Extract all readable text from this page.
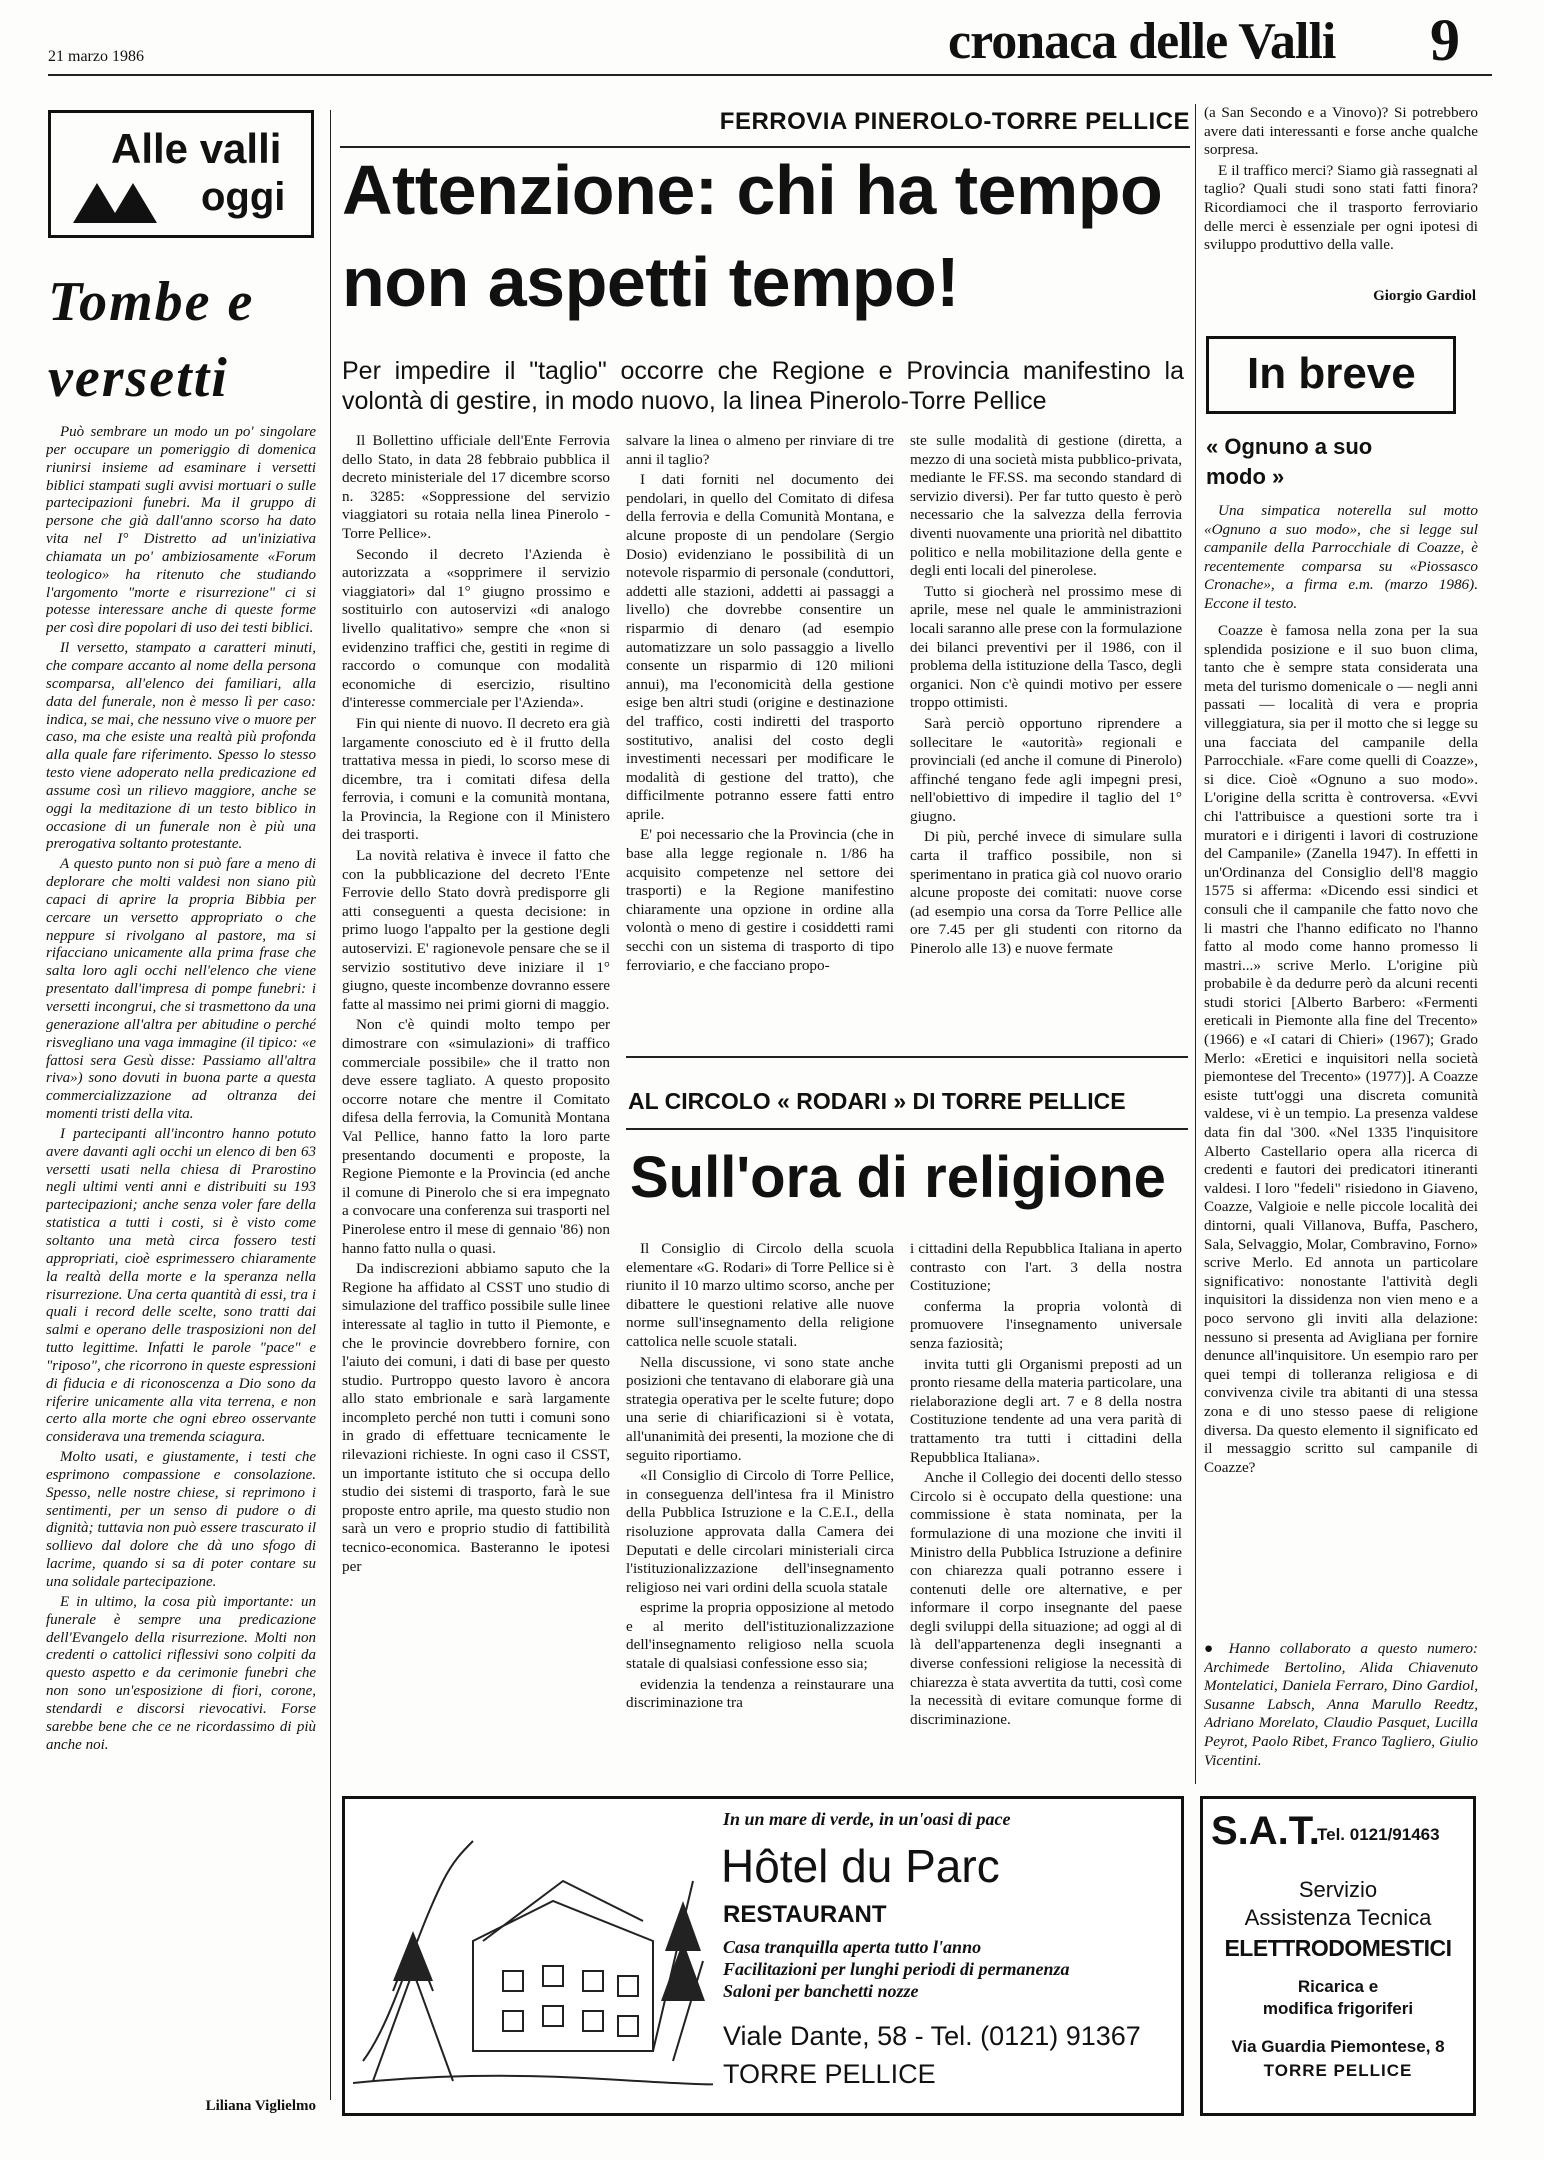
21 marzo 1986	cronaca delle Valli 9
Alle valli
oggi
Tombe e
versetti

Può sembrare un modo un po' singolare per occupare un pomeriggio di domenica riunirsi insieme ad esaminare i versetti biblici stampati sugli avvisi mortuari o sulle partecipazioni funebri. Ma il gruppo di persone che già dall'anno scorso ha dato vita nel I° Distretto ad un'iniziativa chiamata un po' ambiziosamente «Forum teologico» ha ritenuto che studiando l'argomento "morte e risurrezione" ci si potesse interessare anche di queste forme per così dire popolari di uso dei testi biblici.

Il versetto, stampato a caratteri minuti, che compare accanto al nome della persona scomparsa, all'elenco dei familiari, alla data del funerale, non è messo lì per caso: indica, se mai, che nessuno vive o muore per caso, ma che esiste una realtà più profonda alla quale fare riferimento. Spesso lo stesso testo viene adoperato nella predicazione ed assume così un rilievo maggiore, anche se oggi la meditazione di un testo biblico in occasione di un funerale non è più una prerogativa soltanto protestante.

A questo punto non si può fare a meno di deplorare che molti valdesi non siano più capaci di aprire la propria Bibbia per cercare un versetto appropriato o che neppure si rivolgano al pastore, ma si rifacciano unicamente alla prima frase che salta loro agli occhi nell'elenco che viene presentato dall'impresa di pompe funebri: i versetti incongrui, che si trasmettono da una generazione all'altra per abitudine o perché risvegliano una vaga immagine (il tipico: «e fattosi sera Gesù disse: Passiamo all'altra riva») sono dovuti in buona parte a questa commercializzazione ad oltranza dei momenti tristi della vita.

I partecipanti all'incontro hanno potuto avere davanti agli occhi un elenco di ben 63 versetti usati nella chiesa di Prarostino negli ultimi venti anni e distribuiti su 193 partecipazioni; anche senza voler fare della statistica a tutti i costi, si è visto come soltanto una metà circa fossero testi appropriati, cioè esprimessero chiaramente la realtà della morte e la speranza nella risurrezione. Una certa quantità di essi, tra i quali i record delle scelte, sono tratti dai salmi e operano delle trasposizioni non del tutto legittime. Infatti le parole "pace" e "riposo", che ricorrono in queste espressioni di fiducia e di riconoscenza a Dio sono da riferire unicamente alla vita terrena, e non certo alla morte che ogni ebreo osservante considerava una tremenda sciagura.

Molto usati, e giustamente, i testi che esprimono compassione e consolazione. Spesso, nelle nostre chiese, si reprimono i sentimenti, per un senso di pudore o di dignità; tuttavia non può essere trascurato il sollievo dal dolore che dà uno sfogo di lacrime, quando si sa di poter contare su una solidale partecipazione.

E in ultimo, la cosa più importante: un funerale è sempre una predicazione dell'Evangelo della risurrezione. Molti non credenti o cattolici riflessivi sono colpiti da questo aspetto e da cerimonie funebri che non sono un'esposizione di fiori, corone, stendardi e discorsi rievocativi. Forse sarebbe bene che ce ne ricordassimo di più anche noi.

Liliana Viglielmo
FERROVIA PINEROLO-TORRE PELLICE
Attenzione: chi ha tempo
non aspetti tempo!
Per impedire il "taglio" occorre che Regione e Provincia manifestino la volontà di gestire, in modo nuovo, la linea Pinerolo-Torre Pellice

Il Bollettino ufficiale dell'Ente Ferrovia dello Stato, in data 28 febbraio pubblica il decreto ministeriale del 17 dicembre scorso n. 3285: «Soppressione del servizio viaggiatori su rotaia nella linea Pinerolo - Torre Pellice».

Secondo il decreto l'Azienda è autorizzata a «sopprimere il servizio viaggiatori» dal 1° giugno prossimo e sostituirlo con autoservizi «di analogo livello qualitativo» sempre che «non si evidenzino traffici che, gestiti in regime di raccordo o comunque con modalità economiche di esercizio, risultino d'interesse commerciale per l'Azienda».

Fin qui niente di nuovo. Il decreto era già largamente conosciuto ed è il frutto della trattativa messa in piedi, lo scorso mese di dicembre, tra i comitati difesa della ferrovia, i comuni e la comunità montana, la Provincia, la Regione con il Ministero dei trasporti.

La novità relativa è invece il fatto che con la pubblicazione del decreto l'Ente Ferrovie dello Stato dovrà predisporre gli atti conseguenti a questa decisione: in primo luogo l'appalto per la gestione degli autoservizi. E' ragionevole pensare che se il servizio sostitutivo deve iniziare il 1° giugno, queste incombenze dovranno essere fatte al massimo nei primi giorni di maggio.

Non c'è quindi molto tempo per dimostrare con «simulazioni» di traffico commerciale possibile» che il tratto non deve essere tagliato. A questo proposito occorre notare che mentre il Comitato difesa della ferrovia, la Comunità Montana Val Pellice, hanno fatto la loro parte presentando documenti e proposte, la Regione Piemonte e la Provincia (ed anche il comune di Pinerolo che si era impegnato a convocare una conferenza sui trasporti nel Pinerolese entro il mese di gennaio '86) non hanno fatto nulla o quasi.

Da indiscrezioni abbiamo saputo che la Regione ha affidato al CSST uno studio di simulazione del traffico possibile sulle linee interessate al taglio in tutto il Piemonte, e che le provincie dovrebbero fornire, con l'aiuto dei comuni, i dati di base per questo studio. Purtroppo questo lavoro è ancora allo stato embrionale e sarà largamente incompleto perché non tutti i comuni sono in grado di effettuare tecnicamente le rilevazioni richieste. In ogni caso il CSST, un importante istituto che si occupa dello studio dei sistemi di trasporto, farà le sue proposte entro aprile, ma questo studio non sarà un vero e proprio studio di fattibilità tecnico-economica. Basteranno le ipotesi per

salvare la linea o almeno per rinviare di tre anni il taglio?

I dati forniti nel documento dei pendolari, in quello del Comitato di difesa della ferrovia e della Comunità Montana, e alcune proposte di un pendolare (Sergio Dosio) evidenziano le possibilità di un notevole risparmio di personale (conduttori, addetti alle stazioni, addetti ai passaggi a livello) che dovrebbe consentire un risparmio di denaro (ad esempio automatizzare un solo passaggio a livello consente un risparmio di 120 milioni annui), ma l'economicità della gestione esige ben altri studi (origine e destinazione del traffico, costi indiretti del trasporto sostitutivo, analisi del costo degli investimenti necessari per modificare le modalità di gestione del tratto), che difficilmente potranno essere fatti entro aprile.

E' poi necessario che la Provincia (che in base alla legge regionale n. 1/86 ha acquisito competenze nel settore dei trasporti) e la Regione manifestino chiaramente una opzione in ordine alla volontà o meno di gestire i cosiddetti rami secchi con un sistema di trasporto di tipo ferroviario, e che facciano propo-

ste sulle modalità di gestione (diretta, a mezzo di una società mista pubblico-privata, mediante le FF.SS. ma secondo standard di servizio diversi). Per far tutto questo è però necessario che la salvezza della ferrovia diventi nuovamente una priorità nel dibattito politico e nella mobilitazione della gente e degli enti locali del pinerolese.

Tutto si giocherà nel prossimo mese di aprile, mese nel quale le amministrazioni locali saranno alle prese con la formulazione dei bilanci preventivi per il 1986, con il problema della istituzione della Tasco, degli organici. Non c'è quindi motivo per essere troppo ottimisti.

Sarà perciò opportuno riprendere a sollecitare le «autorità» regionali e provinciali (ed anche il comune di Pinerolo) affinché tengano fede agli impegni presi, nell'obiettivo di impedire il taglio del 1° giugno.

Di più, perché invece di simulare sulla carta il traffico possibile, non si sperimentano in pratica già col nuovo orario alcune proposte dei comitati: nuove corse (ad esempio una corsa da Torre Pellice alle ore 7.45 per gli studenti con ritorno da Pinerolo alle 13) e nuove fermate

(a San Secondo e a Vinovo)? Si potrebbero avere dati interessanti e forse anche qualche sorpresa.

E il traffico merci? Siamo già rassegnati al taglio? Quali studi sono stati fatti finora? Ricordiamoci che il trasporto ferroviario delle merci è essenziale per ogni ipotesi di sviluppo produttivo della valle.

Giorgio Gardiol
In breve
« Ognuno a suo modo »

Una simpatica noterella sul motto «Ognuno a suo modo», che si legge sul campanile della Parrocchiale di Coazze, è recentemente comparsa su «Piossasco Cronache», a firma e.m. (marzo 1986). Eccone il testo.

Coazze è famosa nella zona per la sua splendida posizione e il suo buon clima, tanto che è sempre stata considerata una meta del turismo domenicale o — negli anni passati — località di vera e propria villeggiatura, sia per il motto che si legge su una facciata del campanile della Parrocchiale. «Fare come quelli di Coazze», si dice. Cioè «Ognuno a suo modo». L'origine della scritta è controversa. «Evvi chi l'attribuisce a questioni sorte tra i muratori e i dirigenti i lavori di costruzione del Campanile» (Zanella 1947). In effetti in un'Ordinanza del Consiglio dell'8 maggio 1575 si afferma: «Dicendo essi sindici et consuli che il campanile che fatto novo che li mastri che l'hanno edificato no l'hanno fatto al modo come hanno promesso li mastri...» scrive Merlo. L'origine più probabile è da dedurre però da alcuni recenti studi storici [Alberto Barbero: «Fermenti ereticali in Piemonte alla fine del Trecento» (1966) e «I catari di Chieri» (1967); Grado Merlo: «Eretici e inquisitori nella società piemontese del Trecento» (1977)]. A Coazze esiste tutt'oggi una discreta comunità valdese, vi è un tempio. La presenza valdese data fin dal '300. «Nel 1335 l'inquisitore Alberto Castellario opera alla ricerca di credenti e fautori dei predicatori itineranti valdesi. I loro "fedeli" risiedono in Giaveno, Coazze, Valgioie e nelle piccole località dei dintorni, quali Villanova, Buffa, Paschero, Sala, Selvaggio, Molar, Combravino, Forno» scrive Merlo. Ed annota un particolare significativo: nonostante l'attività degli inquisitori la dissidenza non vien meno e a poco servono gli inviti alla delazione: nessuno si presenta ad Avigliana per fornire denunce all'inquisitore. Un esempio raro per quei tempi di tolleranza religiosa e di convivenza civile tra abitanti di una stessa zona e di uno stesso paese di religione diversa. Da questo elemento il significato ed il messaggio scritto sul campanile di Coazze?

● Hanno collaborato a questo numero: Archimede Bertolino, Alida Chiavenuto Montelatici, Daniela Ferraro, Dino Gardiol, Susanne Labsch, Anna Marullo Reedtz, Adriano Morelato, Claudio Pasquet, Lucilla Peyrot, Paolo Ribet, Franco Tagliero, Giulio Vicentini.

AL CIRCOLO « RODARI » DI TORRE PELLICE
Sull'ora di religione

Il Consiglio di Circolo della scuola elementare «G. Rodari» di Torre Pellice si è riunito il 10 marzo ultimo scorso, anche per dibattere le questioni relative alle nuove norme sull'insegnamento della religione cattolica nelle scuole statali.

Nella discussione, vi sono state anche posizioni che tentavano di elaborare già una strategia operativa per le scelte future; dopo una serie di chiarificazioni si è votata, all'unanimità dei presenti, la mozione che di seguito riportiamo.

«Il Consiglio di Circolo di Torre Pellice, in conseguenza dell'intesa fra il Ministro della Pubblica Istruzione e la C.E.I., della risoluzione approvata dalla Camera dei Deputati e delle circolari ministeriali circa l'istituzionalizzazione dell'insegnamento religioso nei vari ordini della scuola statale

esprime la propria opposizione al metodo e al merito dell'istituzionalizzazione dell'insegnamento religioso nella scuola statale di qualsiasi confessione esso sia;

evidenzia la tendenza a reinstaurare una discriminazione tra

i cittadini della Repubblica Italiana in aperto contrasto con l'art. 3 della nostra Costituzione;

conferma la propria volontà di promuovere l'insegnamento universale senza faziosità;

invita tutti gli Organismi preposti ad un pronto riesame della materia particolare, una rielaborazione degli art. 7 e 8 della nostra Costituzione tendente ad una vera parità di trattamento tra tutti i cittadini della Repubblica Italiana».

Anche il Collegio dei docenti dello stesso Circolo si è occupato della questione: una commissione è stata nominata, per la formulazione di una mozione che inviti il Ministro della Pubblica Istruzione a definire con chiarezza quali potranno essere i contenuti delle ore alternative, e per informare il corpo insegnante del paese degli sviluppi della situazione; ad oggi al di là dell'appartenenza degli insegnanti a diverse confessioni religiose la necessità di chiarezza è stata avvertita da tutti, così come la necessità di evitare comunque forme di discriminazione.

In un mare di verde, in un'oasi di pace
Hôtel du Parc
RESTAURANT
Casa tranquilla aperta tutto l'anno
Facilitazioni per lunghi periodi di permanenza
Saloni per banchetti nozze
Viale Dante, 58 - Tel. (0121) 91367
TORRE PELLICE
S.A.T.
Tel. 0121/91463
Servizio
Assistenza Tecnica
ELETTRODOMESTICI
Ricarica e
modifica frigoriferi
Via Guardia Piemontese, 8
TORRE PELLICE
